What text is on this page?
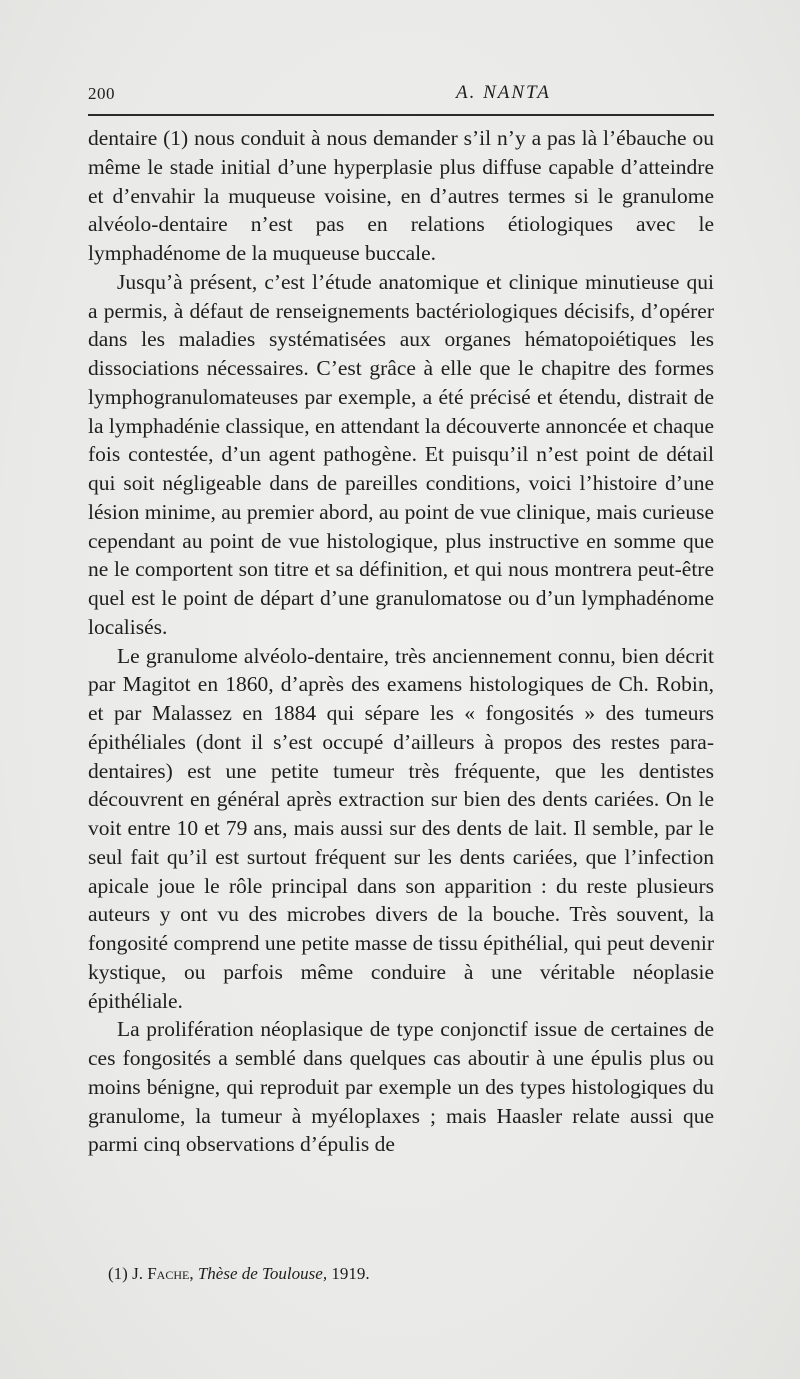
200	A. NANTA

dentaire (1) nous conduit à nous demander s’il n’y a pas là l’ébauche ou même le stade initial d’une hyperplasie plus diffuse capable d’atteindre et d’envahir la muqueuse voisine, en d’autres termes si le granulome alvéolo-dentaire n’est pas en relations étiologiques avec le lymphadénome de la muqueuse buccale.

Jusqu’à présent, c’est l’étude anatomique et clinique minutieuse qui a permis, à défaut de renseignements bactériologiques décisifs, d’opérer dans les maladies systématisées aux organes hématopoiétiques les dissociations nécessaires. C’est grâce à elle que le chapitre des formes lymphogranulomateuses par exemple, a été précisé et étendu, distrait de la lymphadénie classique, en attendant la découverte annoncée et chaque fois contestée, d’un agent pathogène. Et puisqu’il n’est point de détail qui soit négligeable dans de pareilles conditions, voici l’histoire d’une lésion minime, au premier abord, au point de vue clinique, mais curieuse cependant au point de vue histologique, plus instructive en somme que ne le comportent son titre et sa définition, et qui nous montrera peut-être quel est le point de départ d’une granulomatose ou d’un lymphadénome localisés.

Le granulome alvéolo-dentaire, très anciennement connu, bien décrit par Magitot en 1860, d’après des examens histologiques de Ch. Robin, et par Malassez en 1884 qui sépare les « fongosités » des tumeurs épithéliales (dont il s’est occupé d’ailleurs à propos des restes para-dentaires) est une petite tumeur très fréquente, que les dentistes découvrent en général après extraction sur bien des dents cariées. On le voit entre 10 et 79 ans, mais aussi sur des dents de lait. Il semble, par le seul fait qu’il est surtout fréquent sur les dents cariées, que l’infection apicale joue le rôle principal dans son apparition : du reste plusieurs auteurs y ont vu des microbes divers de la bouche. Très souvent, la fongosité comprend une petite masse de tissu épithélial, qui peut devenir kystique, ou parfois même conduire à une véritable néoplasie épithéliale.

La prolifération néoplasique de type conjonctif issue de certaines de ces fongosités a semblé dans quelques cas aboutir à une épulis plus ou moins bénigne, qui reproduit par exemple un des types histologiques du granulome, la tumeur à myéloplaxes ; mais Haasler relate aussi que parmi cinq observations d’épulis de

(1) J. Fache, Thèse de Toulouse, 1919.
